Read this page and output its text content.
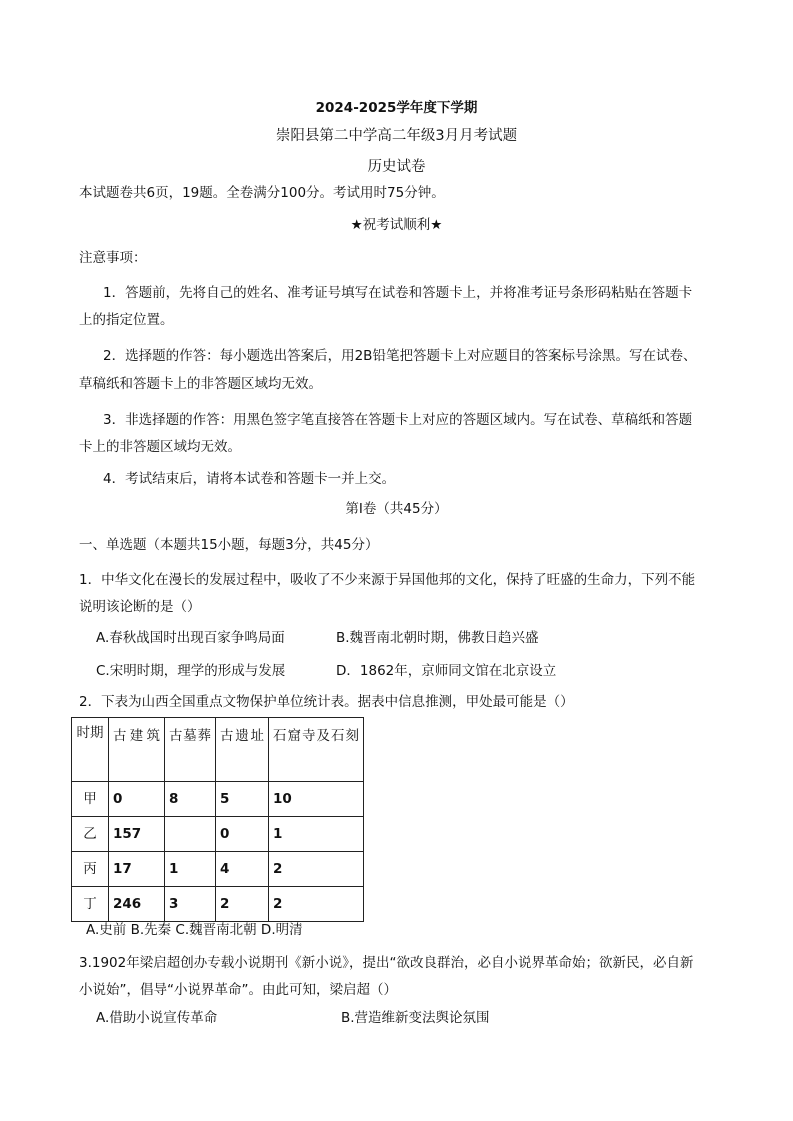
2024-2025学年度下学期
崇阳县第二中学高二年级3月月考试题
历史试卷
本试题卷共6页，19题。全卷满分100分。考试用时75分钟。
★祝考试顺利★
注意事项：
1．答题前，先将自己的姓名、准考证号填写在试卷和答题卡上，并将准考证号条形码粘贴在答题卡
上的指定位置。
2．选择题的作答：每小题选出答案后，用2B铅笔把答题卡上对应题目的答案标号涂黑。写在试卷、
草稿纸和答题卡上的非答题区域均无效。
3．非选择题的作答：用黑色签字笔直接答在答题卡上对应的答题区域内。写在试卷、草稿纸和答题
卡上的非答题区域均无效。
4．考试结束后，请将本试卷和答题卡一并上交。
第I卷（共45分）
一、单选题（本题共15小题，每题3分，共45分）
1．中华文化在漫长的发展过程中，吸收了不少来源于异国他邦的文化，保持了旺盛的生命力，下列不能
说明该论断的是（）
A.春秋战国时出现百家争鸣局面	B.魏晋南北朝时期，佛教日趋兴盛
C.宋明时期，理学的形成与发展	D．1862年，京师同文馆在北京设立
2．下表为山西全国重点文物保护单位统计表。据表中信息推测，甲处最可能是（）
时期	古建筑	古墓葬	古遗址	石窟寺及石刻
甲	0	8	5	10
乙	157		0	1
丙	17	1	4	2
丁	246	3	2	2
A.史前 B.先秦 C.魏晋南北朝 D.明清
3.1902年梁启超创办专载小说期刊《新小说》，提出“欲改良群治，必自小说界革命始；欲新民，必自新
小说始”，倡导“小说界革命”。由此可知，梁启超（）
A.借助小说宣传革命	B.营造维新变法舆论氛围
